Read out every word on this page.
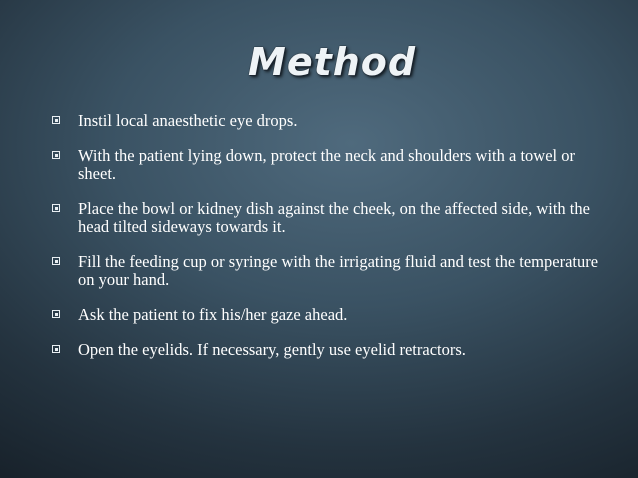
Method
Instil local anaesthetic eye drops.
With the patient lying down, protect the neck and shoulders with a towel or sheet.
Place the bowl or kidney dish against the cheek, on the affected side, with the head tilted sideways towards it.
Fill the feeding cup or syringe with the irrigating fluid and test the temperature on your hand.
Ask the patient to fix his/her gaze ahead.
Open the eyelids. If necessary, gently use eyelid retractors.
